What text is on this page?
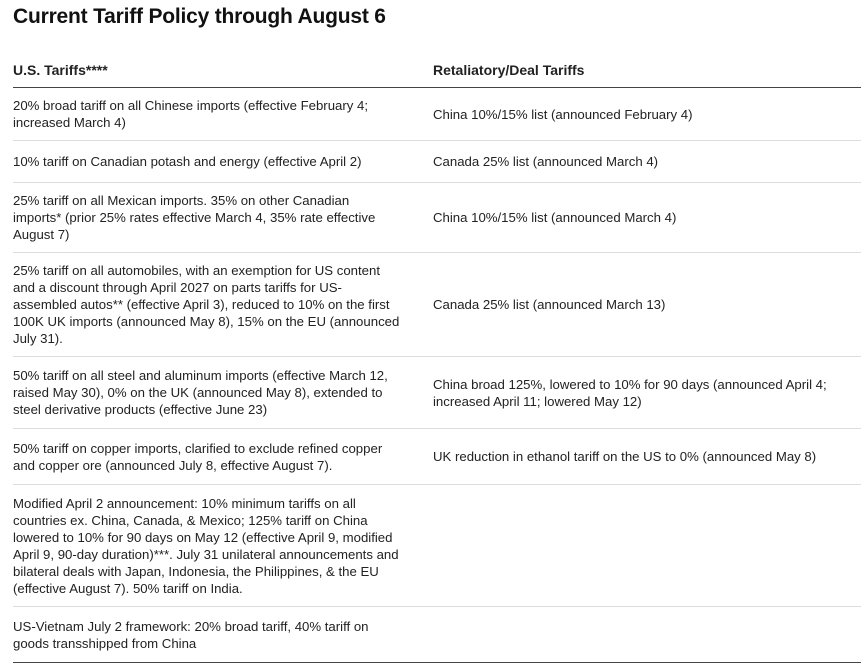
Current Tariff Policy through August 6
U.S. Tariffs****	Retaliatory/Deal Tariffs
20% broad tariff on all Chinese imports (effective February 4; increased March 4)
China 10%/15% list (announced February 4)
10% tariff on Canadian potash and energy (effective April 2)	Canada 25% list (announced March 4)
25% tariff on all Mexican imports. 35% on other Canadian imports* (prior 25% rates effective March 4, 35% rate effective August 7)
China 10%/15% list (announced March 4)
25% tariff on all automobiles, with an exemption for US content and a discount through April 2027 on parts tariffs for US-assembled autos** (effective April 3), reduced to 10% on the first 100K UK imports (announced May 8), 15% on the EU (announced July 31).
Canada 25% list (announced March 13)
50% tariff on all steel and aluminum imports (effective March 12, raised May 30), 0% on the UK (announced May 8), extended to steel derivative products (effective June 23)
China broad 125%, lowered to 10% for 90 days (announced April 4; increased April 11; lowered May 12)
50% tariff on copper imports, clarified to exclude refined copper and copper ore (announced July 8, effective August 7).
UK reduction in ethanol tariff on the US to 0% (announced May 8)
Modified April 2 announcement: 10% minimum tariffs on all countries ex. China, Canada, & Mexico; 125% tariff on China lowered to 10% for 90 days on May 12 (effective April 9, modified April 9, 90-day duration)***. July 31 unilateral announcements and bilateral deals with Japan, Indonesia, the Philippines, & the EU (effective August 7). 50% tariff on India.
US-Vietnam July 2 framework: 20% broad tariff, 40% tariff on goods transshipped from China
